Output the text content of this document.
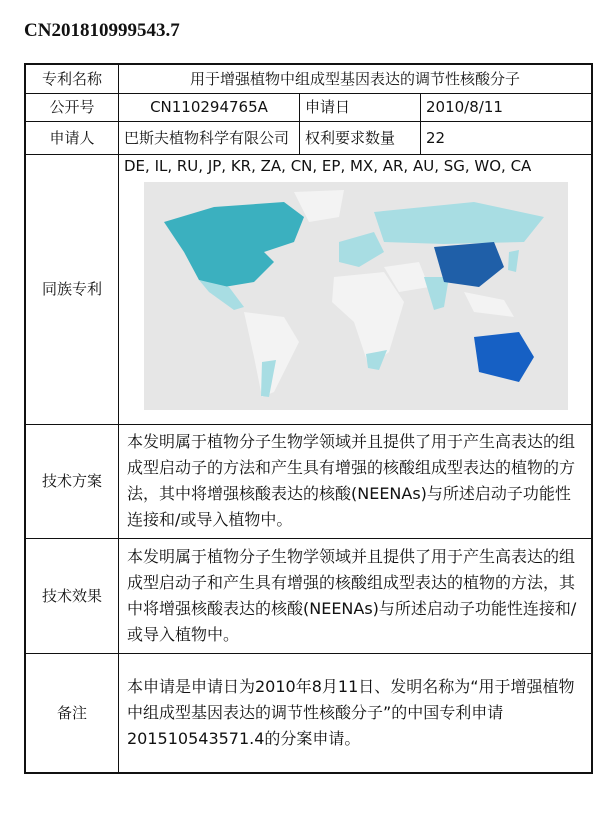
CN201810999543.7
专利名称	用于增强植物中组成型基因表达的调节性核酸分子		
公开号	CN110294765A	申请日	2010/8/11
申请人	巴斯夫植物科学有限公司	权利要求数量	22
同族专利	DE, IL, RU, JP, KR, ZA, CN, EP, MX, AR, AU, SG, WO, CA		

技术方案	本发明属于植物分子生物学领域并且提供了用于产生高表达的组成型启动子的方法和产生具有增强的核酸组成型表达的植物的方法，其中将增强核酸表达的核酸(NEENAs)与所述启动子功能性连接和/或导入植物中。		
技术效果	本发明属于植物分子生物学领域并且提供了用于产生高表达的组成型启动子和产生具有增强的核酸组成型表达的植物的方法，其中将增强核酸表达的核酸(NEENAs)与所述启动子功能性连接和/或导入植物中。		
备注	本申请是申请日为2010年8月11日、发明名称为“用于增强植物中组成型基因表达的调节性核酸分子”的中国专利申请201510543571.4的分案申请。		
